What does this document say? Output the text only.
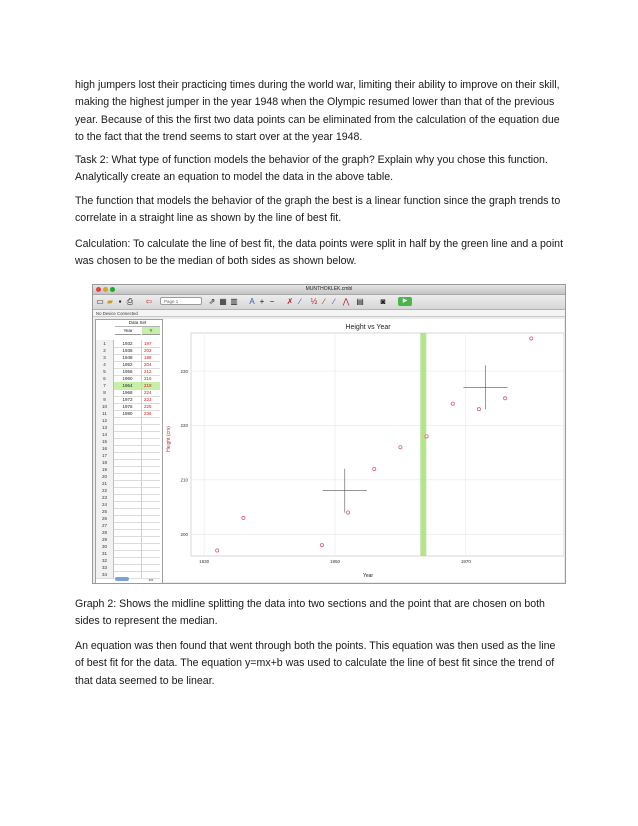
high jumpers lost their practicing times during the world war, limiting their ability to improve on their skill, making the highest jumper in the year 1948 when the Olympic resumed lower than that of the previous year. Because of this the first two data points can be eliminated from the calculation of the equation due to the fact that the trend seems to start over at the year 1948.

Task 2: What type of function models the behavior of the graph? Explain why you chose this function. Analytically create an equation to model the data in the above table.

The function that models the behavior of the graph the best is a linear function since the graph trends to correlate in a straight line as shown by the line of best fit.

Calculation: To calculate the line of best fit, the data points were split in half by the green line and a point was chosen to be the median of both sides as shown below.

MUNTHOKLEK.cmbl
▭ ▰ ▪ ⎙ ⇦	Page 1	⇗ ▦ ▥ A + − ✗ ∕	½ ∕	∕	⋀ ▤	◙	▶
No Device Connected
Data Set
Year	Y
1	1932	197
2	1936	203
3	1948	198
4	1952	204
5	1956	212
6	1960	216
7	1964	218
8	1968	224
9	1972	223
10	1976	225
11	1980	236
12
13
14
15
16
17
18
19
20
21
22
23
24
25
26
27
28
29
30
31
32
33
34
◂ ▸
Height vs Year
Height (cm)
Year
200
210
220
230
1930	1950	1970

Graph 2: Shows the midline splitting the data into two sections and the point that are chosen on both sides to represent the median.

An equation was then found that went through both the points. This equation was then used as the line of best fit for the data. The equation y=mx+b was used to calculate the line of best fit since the trend of that data seemed to be linear.
